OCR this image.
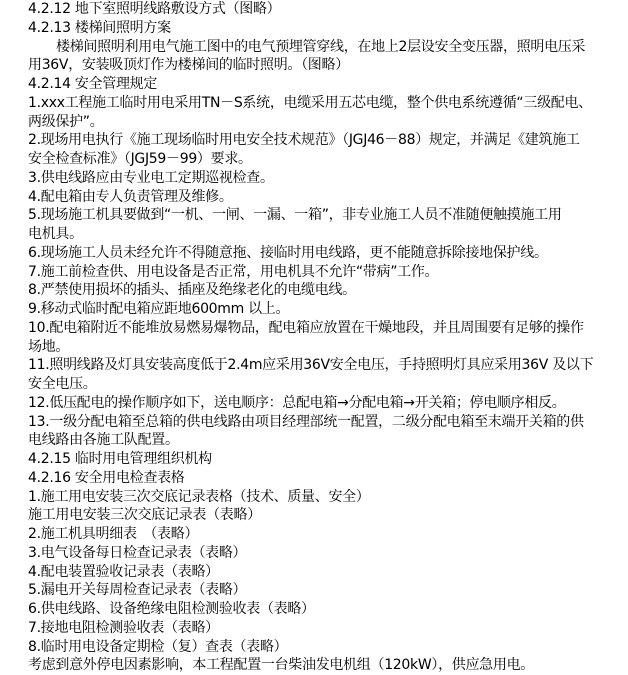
4.2.12 地下室照明线路敷设方式（图略）
4.2.13 楼梯间照明方案
楼梯间照明利用电气施工图中的电气预埋管穿线，在地上2层设安全变压器，照明电压采
用36V，安装吸顶灯作为楼梯间的临时照明。（图略）
4.2.14 安全管理规定
1.xxx工程施工临时用电采用TN－S系统，电缆采用五芯电缆，整个供电系统遵循“三级配电、
两级保护”。
2.现场用电执行《施工现场临时用电安全技术规范》（JGJ46－88）规定，并满足《建筑施工
安全检查标准》（JGJ59－99）要求。
3.供电线路应由专业电工定期巡视检查。
4.配电箱由专人负责管理及维修。
5.现场施工机具要做到“一机、一闸、一漏、一箱”，非专业施工人员不准随便触摸施工用
电机具。
6.现场施工人员未经允许不得随意拖、接临时用电线路，更不能随意拆除接地保护线。
7.施工前检查供、用电设备是否正常，用电机具不允许“带病”工作。
8.严禁使用损坏的插头、插座及绝缘老化的电缆电线。
9.移动式临时配电箱应距地600mm 以上。
10.配电箱附近不能堆放易燃易爆物品，配电箱应放置在干燥地段，并且周围要有足够的操作
场地。
11.照明线路及灯具安装高度低于2.4m应采用36V安全电压，手持照明灯具应采用36V 及以下
安全电压。
12.低压配电的操作顺序如下，送电顺序：总配电箱→分配电箱→开关箱；停电顺序相反。
13.一级分配电箱至总箱的供电线路由项目经理部统一配置，二级分配电箱至末端开关箱的供
电线路由各施工队配置。
4.2.15 临时用电管理组织机构
4.2.16 安全用电检查表格
1.施工用电安装三次交底记录表格（技术、质量、安全）
施工用电安装三次交底记录表（表略）
2.施工机具明细表　（表略）
3.电气设备每日检查记录表（表略）
4.配电装置验收记录表（表略）
5.漏电开关每周检查记录表（表略）
6.供电线路、设备绝缘电阻检测验收表（表略）
7.接地电阻检测验收表（表略）
8.临时用电设备定期检（复）查表（表略）
考虑到意外停电因素影响，本工程配置一台柴油发电机组（120kW），供应急用电。
